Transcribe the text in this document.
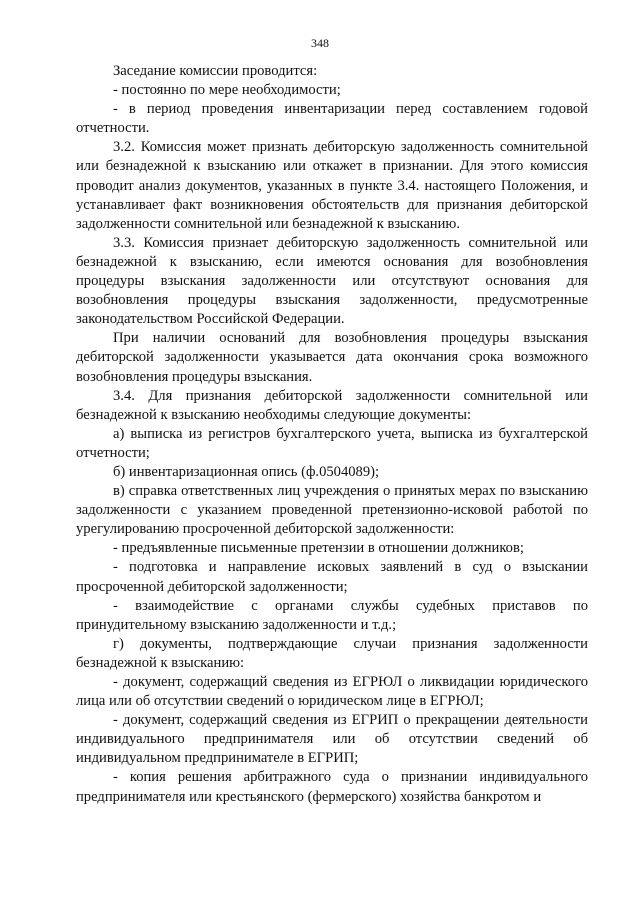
348

Заседание комиссии проводится:

- постоянно по мере необходимости;

- в период проведения инвентаризации перед составлением годовой отчетности.

3.2. Комиссия может признать дебиторскую задолженность сомнительной или безнадежной к взысканию или откажет в признании. Для этого комиссия проводит анализ документов, указанных в пункте 3.4. настоящего Положения, и устанавливает факт возникновения обстоятельств для признания дебиторской задолженности сомнительной или безнадежной к взысканию.

3.3. Комиссия признает дебиторскую задолженность сомнительной или безнадежной к взысканию, если имеются основания для возобновления процедуры взыскания задолженности или отсутствуют основания для возобновления процедуры взыскания задолженности, предусмотренные законодательством Российской Федерации.

При наличии оснований для возобновления процедуры взыскания дебиторской задолженности указывается дата окончания срока возможного возобновления процедуры взыскания.

3.4. Для признания дебиторской задолженности сомнительной или безнадежной к взысканию необходимы следующие документы:

а) выписка из регистров бухгалтерского учета, выписка из бухгалтерской отчетности;

б) инвентаризационная опись (ф.0504089);

в) справка ответственных лиц учреждения о принятых мерах по взысканию задолженности с указанием проведенной претензионно-исковой работой по урегулированию просроченной дебиторской задолженности:

- предъявленные письменные претензии в отношении должников;

- подготовка и направление исковых заявлений в суд о взыскании просроченной дебиторской задолженности;

- взаимодействие с органами службы судебных приставов по принудительному взысканию задолженности и т.д.;

г) документы, подтверждающие случаи признания задолженности безнадежной к взысканию:

- документ, содержащий сведения из ЕГРЮЛ о ликвидации юридического лица или об отсутствии сведений о юридическом лице в ЕГРЮЛ;

- документ, содержащий сведения из ЕГРИП о прекращении деятельности индивидуального предпринимателя или об отсутствии сведений об индивидуальном предпринимателе в ЕГРИП;

- копия решения арбитражного суда о признании индивидуального предпринимателя или крестьянского (фермерского) хозяйства банкротом и
